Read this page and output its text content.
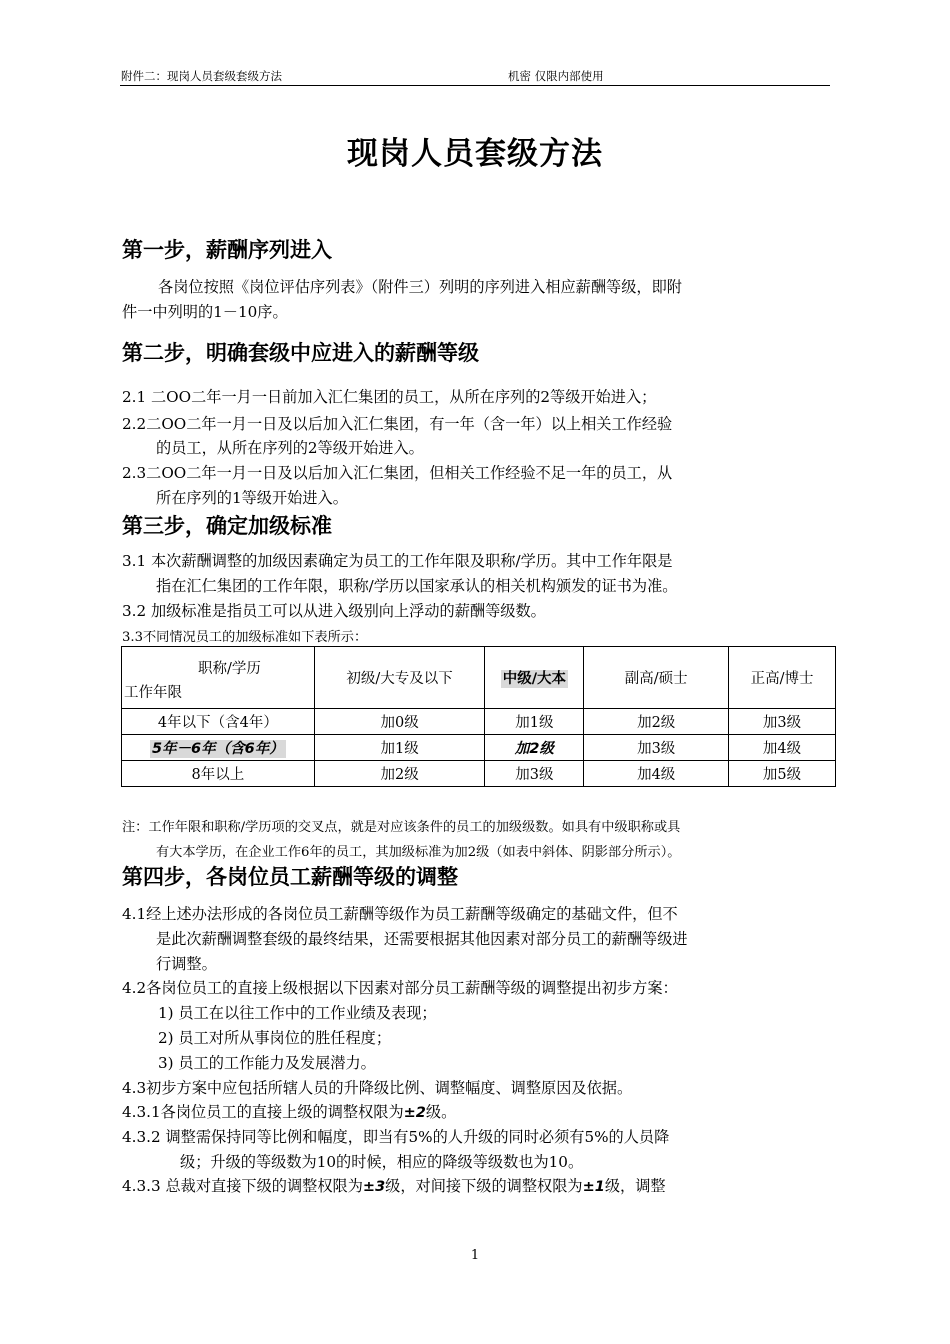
附件二：现岗人员套级套级方法	机密 仅限内部使用
现岗人员套级方法
第一步，薪酬序列进入
各岗位按照《岗位评估序列表》（附件三）列明的序列进入相应薪酬等级，即附
件一中列明的1－10序。
第二步，明确套级中应进入的薪酬等级
2.1 二OO二年一月一日前加入汇仁集团的员工，从所在序列的2等级开始进入；
2.2二OO二年一月一日及以后加入汇仁集团，有一年（含一年）以上相关工作经验
的员工，从所在序列的2等级开始进入。
2.3二OO二年一月一日及以后加入汇仁集团，但相关工作经验不足一年的员工，从
所在序列的1等级开始进入。
第三步，确定加级标准
3.1 本次薪酬调整的加级因素确定为员工的工作年限及职称/学历。其中工作年限是
指在汇仁集团的工作年限，职称/学历以国家承认的相关机构颁发的证书为准。
3.2 加级标准是指员工可以从进入级别向上浮动的薪酬等级数。
3.3不同情况员工的加级标准如下表所示：
职称/学历
工作年限	初级/大专及以下	中级/大本	副高/硕士	正高/博士
4年以下（含4年）	加0级	加1级	加2级	加3级
5年－6年（含6年）	加1级	加2级	加3级	加4级
8年以上	加2级	加3级	加4级	加5级
注：工作年限和职称/学历项的交叉点，就是对应该条件的员工的加级级数。如具有中级职称或具
有大本学历，在企业工作6年的员工，其加级标准为加2级（如表中斜体、阴影部分所示）。
第四步，各岗位员工薪酬等级的调整
4.1经上述办法形成的各岗位员工薪酬等级作为员工薪酬等级确定的基础文件，但不
是此次薪酬调整套级的最终结果，还需要根据其他因素对部分员工的薪酬等级进
行调整。
4.2各岗位员工的直接上级根据以下因素对部分员工薪酬等级的调整提出初步方案：
1) 员工在以往工作中的工作业绩及表现；
2) 员工对所从事岗位的胜任程度；
3) 员工的工作能力及发展潜力。
4.3初步方案中应包括所辖人员的升降级比例、调整幅度、调整原因及依据。
4.3.1各岗位员工的直接上级的调整权限为±2级。
4.3.2 调整需保持同等比例和幅度，即当有5%的人升级的同时必须有5%的人员降
级；升级的等级数为10的时候，相应的降级等级数也为10。
4.3.3 总裁对直接下级的调整权限为±3级，对间接下级的调整权限为±1级，调整
1
